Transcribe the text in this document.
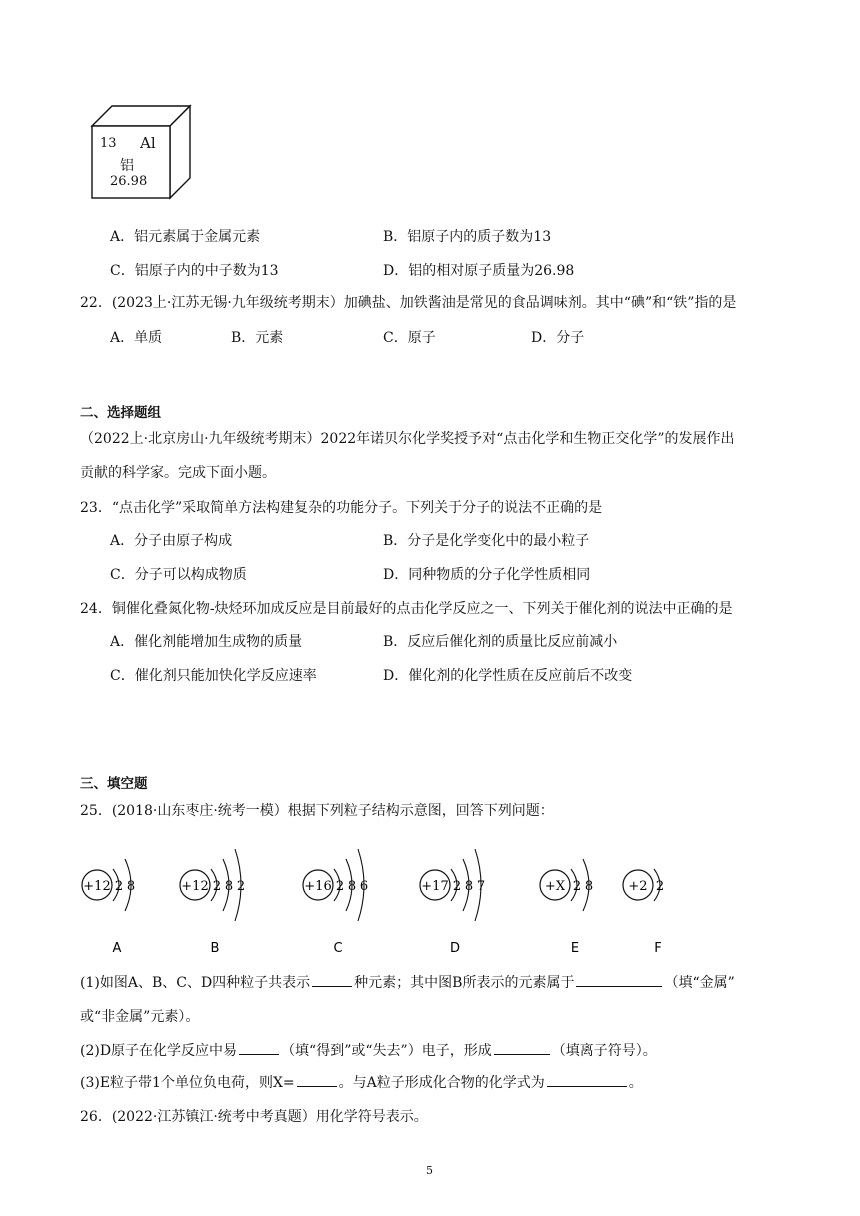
13 Al
铝
26.98
A．铝元素属于金属元素	B．铝原子内的质子数为13
C．铝原子内的中子数为13	D．铝的相对原子质量为26.98
22．(2023上·江苏无锡·九年级统考期末）加碘盐、加铁酱油是常见的食品调味剂。其中“碘”和“铁”指的是
A．单质	B．元素	C．原子	D．分子
二、选择题组
（2022上·北京房山·九年级统考期末）2022年诺贝尔化学奖授予对“点击化学和生物正交化学”的发展作出
贡献的科学家。完成下面小题。
23．“点击化学”采取简单方法构建复杂的功能分子。下列关于分子的说法不正确的是
A．分子由原子构成	B．分子是化学变化中的最小粒子
C．分子可以构成物质	D．同种物质的分子化学性质相同
24．铜催化叠氮化物-炔烃环加成反应是目前最好的点击化学反应之一、下列关于催化剂的说法中正确的是
A．催化剂能增加生成物的质量	B．反应后催化剂的质量比反应前减小
C．催化剂只能加快化学反应速率	D．催化剂的化学性质在反应前后不改变
三、填空题
25．(2018·山东枣庄·统考一模）根据下列粒子结构示意图，回答下列问题：
+12 2 8
A
+12 2 8 2
B
+16 2 8 6
C
+17 2 8 7
D
+X 2 8
E
+2 2
F
(1)如图A、B、C、D四种粒子共表示	种元素；其中图B所表示的元素属于	（填“金属”
或“非金属”元素）。
(2)D原子在化学反应中易	（填“得到”或“失去”）电子，形成	（填离子符号）。
(3)E粒子带1个单位负电荷，则X=	。与A粒子形成化合物的化学式为	。
26．(2022·江苏镇江·统考中考真题）用化学符号表示。
5
